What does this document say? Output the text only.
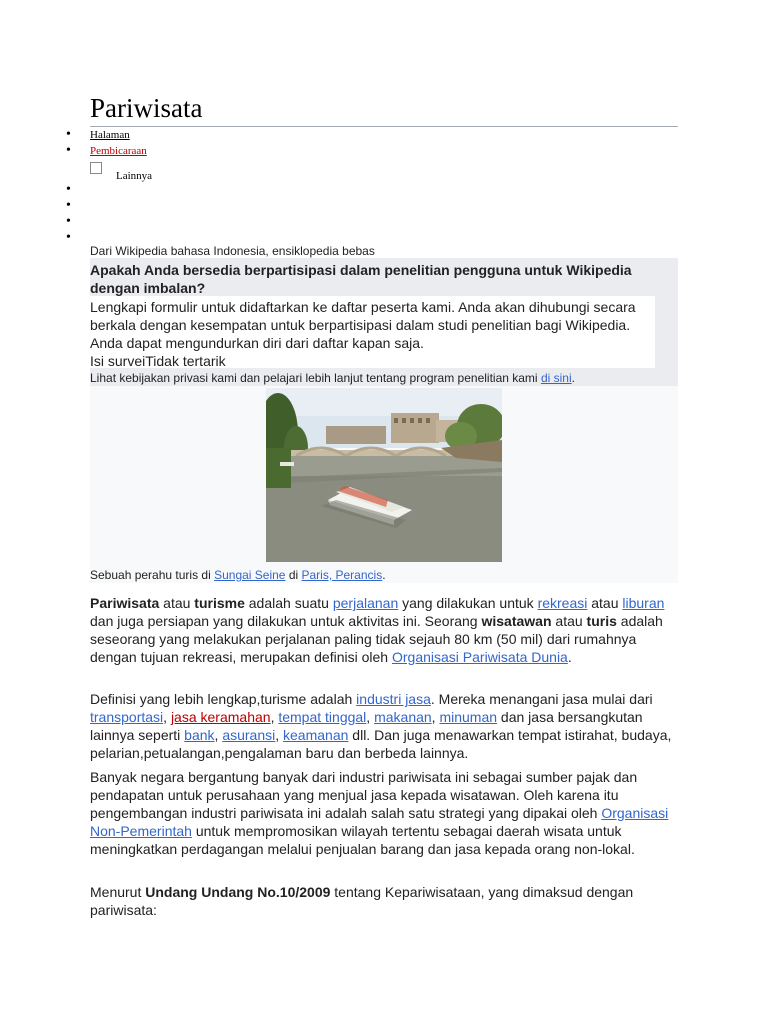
Pariwisata
• Halaman
• Pembicaraan
Lainnya
•
•
•
•
Dari Wikipedia bahasa Indonesia, ensiklopedia bebas
Apakah Anda bersedia berpartisipasi dalam penelitian pengguna untuk Wikipedia dengan imbalan?
Lengkapi formulir untuk didaftarkan ke daftar peserta kami. Anda akan dihubungi secara berkala dengan kesempatan untuk berpartisipasi dalam studi penelitian bagi Wikipedia. Anda dapat mengundurkan diri dari daftar kapan saja.
Isi surveiTidak tertarik
Lihat kebijakan privasi kami dan pelajari lebih lanjut tentang program penelitian kami di sini.
Sebuah perahu turis di Sungai Seine di Paris, Perancis.

Pariwisata atau turisme adalah suatu perjalanan yang dilakukan untuk rekreasi atau liburan dan juga persiapan yang dilakukan untuk aktivitas ini. Seorang wisatawan atau turis adalah seseorang yang melakukan perjalanan paling tidak sejauh 80 km (50 mil) dari rumahnya dengan tujuan rekreasi, merupakan definisi oleh Organisasi Pariwisata Dunia.

Definisi yang lebih lengkap,turisme adalah industri jasa. Mereka menangani jasa mulai dari transportasi, jasa keramahan, tempat tinggal, makanan, minuman dan jasa bersangkutan lainnya seperti bank, asuransi, keamanan dll. Dan juga menawarkan tempat istirahat, budaya, pelarian,petualangan,pengalaman baru dan berbeda lainnya.

Banyak negara bergantung banyak dari industri pariwisata ini sebagai sumber pajak dan pendapatan untuk perusahaan yang menjual jasa kepada wisatawan. Oleh karena itu pengembangan industri pariwisata ini adalah salah satu strategi yang dipakai oleh Organisasi Non-Pemerintah untuk mempromosikan wilayah tertentu sebagai daerah wisata untuk meningkatkan perdagangan melalui penjualan barang dan jasa kepada orang non-lokal.

Menurut Undang Undang No.10/2009 tentang Kepariwisataan, yang dimaksud dengan pariwisata:
